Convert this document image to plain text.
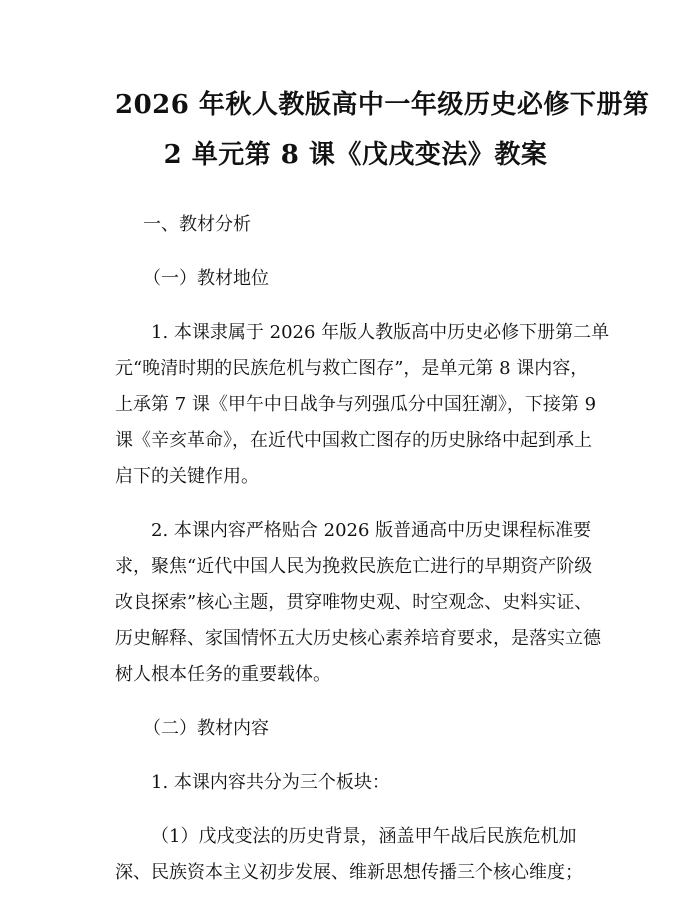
2026 年秋人教版高中一年级历史必修下册第
2 单元第 8 课《戊戌变法》教案

一、教材分析

（一）教材地位

1. 本课隶属于 2026 年版人教版高中历史必修下册第二单
元“晚清时期的民族危机与救亡图存”，是单元第 8 课内容，
上承第 7 课《甲午中日战争与列强瓜分中国狂潮》，下接第 9
课《辛亥革命》，在近代中国救亡图存的历史脉络中起到承上
启下的关键作用。

2. 本课内容严格贴合 2026 版普通高中历史课程标准要
求，聚焦“近代中国人民为挽救民族危亡进行的早期资产阶级
改良探索”核心主题，贯穿唯物史观、时空观念、史料实证、
历史解释、家国情怀五大历史核心素养培育要求，是落实立德
树人根本任务的重要载体。

（二）教材内容

1. 本课内容共分为三个板块：

（1）戊戌变法的历史背景，涵盖甲午战后民族危机加
深、民族资本主义初步发展、维新思想传播三个核心维度；
